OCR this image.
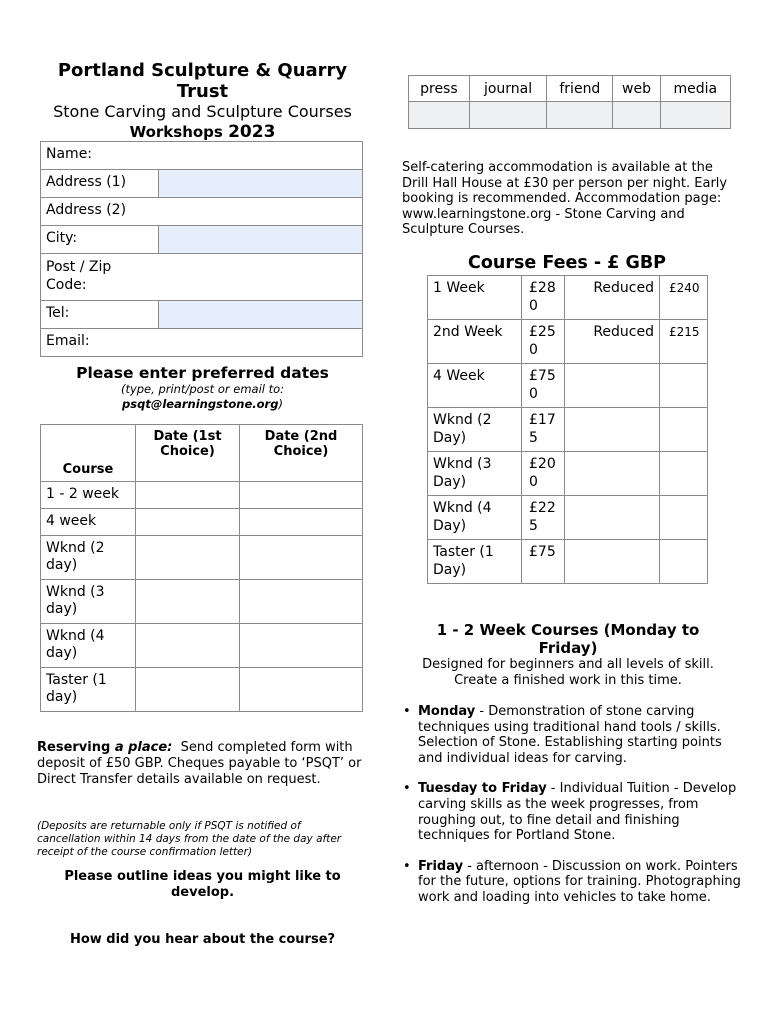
Portland Sculpture & Quarry Trust
Stone Carving and Sculpture Courses
Workshops 2023
Name:	
Address (1)	
Address (2)	
City:	

Post / Zip Code:	

Tel:	
Email:	
Please enter preferred dates
(type, print/post or email to:
psqt@learningstone.org)
Course	Date (1st Choice)	Date (2nd Choice)
1 - 2 week		
4 week		
Wknd (2 day)		
Wknd (3 day)		
Wknd (4 day)		
Taster (1 day)		
Reserving a place: Send completed form with deposit of £50 GBP. Cheques payable to ‘PSQT’ or Direct Transfer details available on request.
(Deposits are returnable only if PSQT is notified of cancellation within 14 days from the date of the day after receipt of the course confirmation letter)
Please outline ideas you might like to develop.
How did you hear about the course?
press	journal	friend	web	media

Self-catering accommodation is available at the Drill Hall House at £30 per person per night. Early booking is recommended. Accommodation page: www.learningstone.org - Stone Carving and Sculpture Courses.
Course Fees - £ GBP
1 Week	£280	Reduced	£240
2nd Week	£250	Reduced	£215
4 Week	£750		
Wknd (2 Day)	£175		
Wknd (3 Day)	£200		
Wknd (4 Day)	£225		
Taster (1 Day)	£75		
1 - 2 Week Courses (Monday to Friday)
Designed for beginners and all levels of skill. Create a finished work in this time.
• Monday - Demonstration of stone carving techniques using traditional hand tools / skills. Selection of Stone. Establishing starting points and individual ideas for carving.
• Tuesday to Friday - Individual Tuition - Develop carving skills as the week progresses, from roughing out, to fine detail and finishing techniques for Portland Stone.
• Friday - afternoon - Discussion on work. Pointers for the future, options for training. Photographing work and loading into vehicles to take home.
